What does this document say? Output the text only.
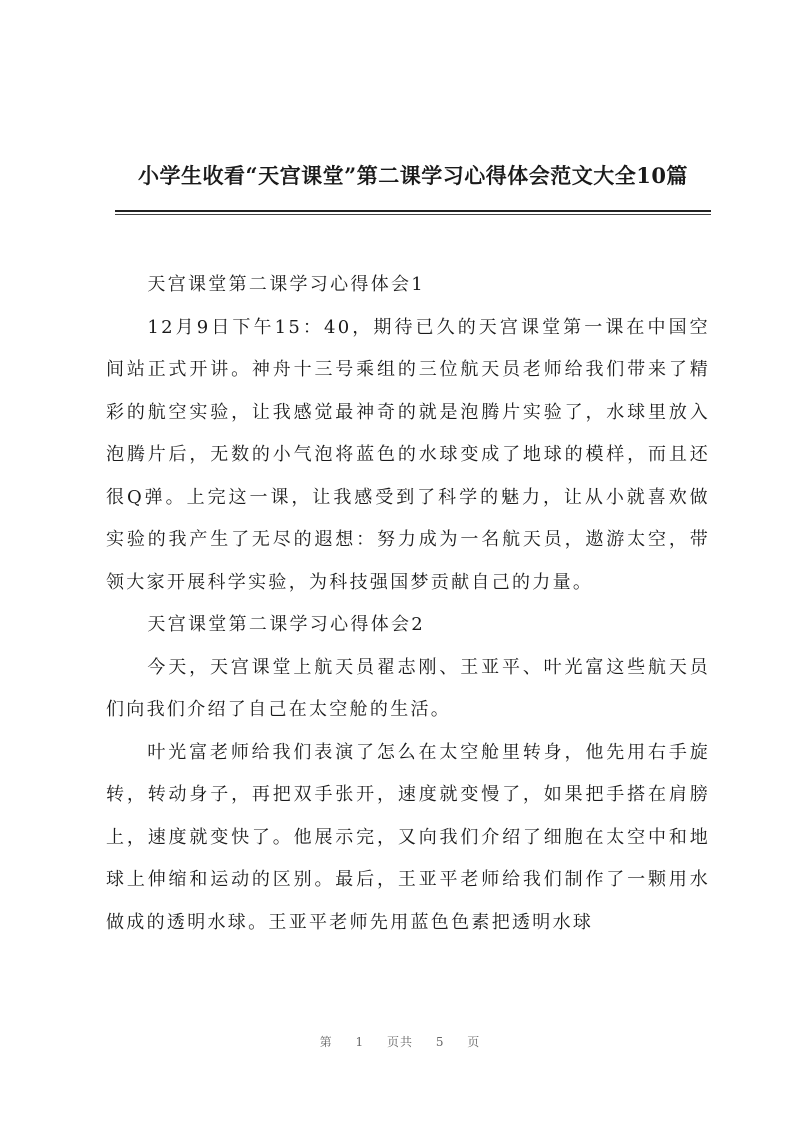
小学生收看“天宫课堂”第二课学习心得体会范文大全10篇

天宫课堂第二课学习心得体会1

12月9日下午15：40，期待已久的天宫课堂第一课在中国空间站正式开讲。神舟十三号乘组的三位航天员老师给我们带来了精彩的航空实验，让我感觉最神奇的就是泡腾片实验了，水球里放入泡腾片后，无数的小气泡将蓝色的水球变成了地球的模样，而且还很Q弹。上完这一课，让我感受到了科学的魅力，让从小就喜欢做实验的我产生了无尽的遐想：努力成为一名航天员，遨游太空，带领大家开展科学实验，为科技强国梦贡献自己的力量。

天宫课堂第二课学习心得体会2

今天，天宫课堂上航天员翟志刚、王亚平、叶光富这些航天员们向我们介绍了自己在太空舱的生活。

叶光富老师给我们表演了怎么在太空舱里转身，他先用右手旋转，转动身子，再把双手张开，速度就变慢了，如果把手搭在肩膀上，速度就变快了。他展示完，又向我们介绍了细胞在太空中和地球上伸缩和运动的区别。最后，王亚平老师给我们制作了一颗用水做成的透明水球。王亚平老师先用蓝色色素把透明水球

第 1 页共 5 页
